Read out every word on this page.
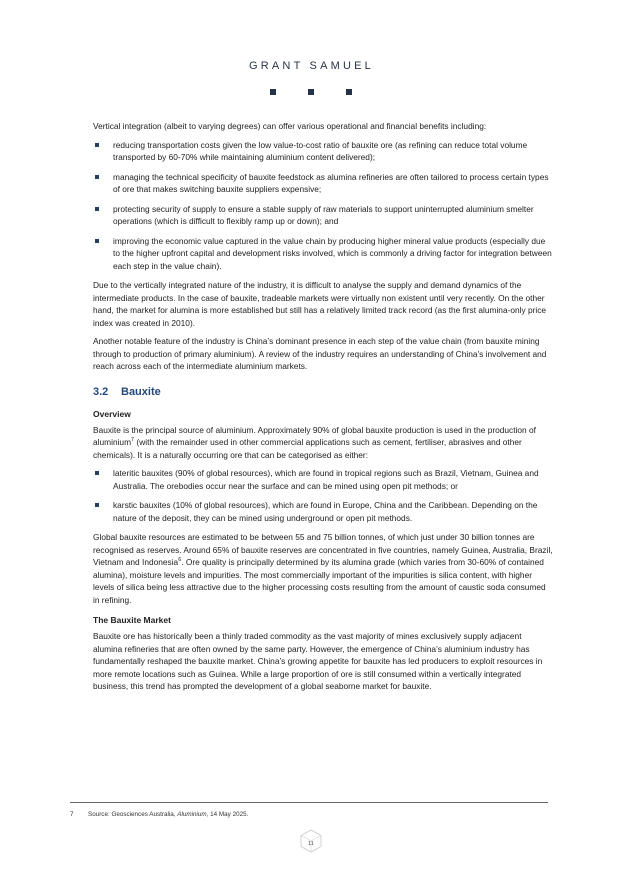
GRANT SAMUEL

Vertical integration (albeit to varying degrees) can offer various operational and financial benefits including:

reducing transportation costs given the low value-to-cost ratio of bauxite ore (as refining can reduce total volume transported by 60-70% while maintaining aluminium content delivered);
managing the technical specificity of bauxite feedstock as alumina refineries are often tailored to process certain types of ore that makes switching bauxite suppliers expensive;
protecting security of supply to ensure a stable supply of raw materials to support uninterrupted aluminium smelter operations (which is difficult to flexibly ramp up or down); and
improving the economic value captured in the value chain by producing higher mineral value products (especially due to the higher upfront capital and development risks involved, which is commonly a driving factor for integration between each step in the value chain).

Due to the vertically integrated nature of the industry, it is difficult to analyse the supply and demand dynamics of the intermediate products. In the case of bauxite, tradeable markets were virtually non existent until very recently. On the other hand, the market for alumina is more established but still has a relatively limited track record (as the first alumina-only price index was created in 2010).

Another notable feature of the industry is China’s dominant presence in each step of the value chain (from bauxite mining through to production of primary aluminium). A review of the industry requires an understanding of China’s involvement and reach across each of the intermediate aluminium markets.

3.2 Bauxite
Overview

Bauxite is the principal source of aluminium. Approximately 90% of global bauxite production is used in the production of aluminium$^7$ (with the remainder used in other commercial applications such as cement, fertiliser, abrasives and other chemicals). It is a naturally occurring ore that can be categorised as either:

lateritic bauxites (90% of global resources), which are found in tropical regions such as Brazil, Vietnam, Guinea and Australia. The orebodies occur near the surface and can be mined using open pit methods; or
karstic bauxites (10% of global resources), which are found in Europe, China and the Caribbean. Depending on the nature of the deposit, they can be mined using underground or open pit methods.

Global bauxite resources are estimated to be between 55 and 75 billion tonnes, of which just under 30 billion tonnes are recognised as reserves. Around 65% of bauxite reserves are concentrated in five countries, namely Guinea, Australia, Brazil, Vietnam and Indonesia$^6$. Ore quality is principally determined by its alumina grade (which varies from 30-60% of contained alumina), moisture levels and impurities. The most commercially important of the impurities is silica content, with higher levels of silica being less attractive due to the higher processing costs resulting from the amount of caustic soda consumed in refining.

The Bauxite Market

Bauxite ore has historically been a thinly traded commodity as the vast majority of mines exclusively supply adjacent alumina refineries that are often owned by the same party. However, the emergence of China’s aluminium industry has fundamentally reshaped the bauxite market. China’s growing appetite for bauxite has led producers to exploit resources in more remote locations such as Guinea. While a large proportion of ore is still consumed within a vertically integrated business, this trend has prompted the development of a global seaborne market for bauxite.

7 Source: Geosciences Australia, Aluminium, 14 May 2025.
11
